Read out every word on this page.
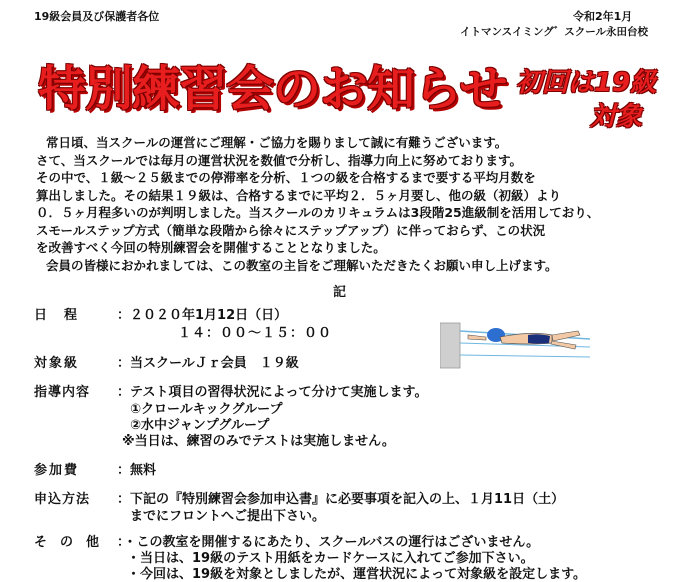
19級会員及び保護者各位	令和2年1月
イトマンスイミング゛スクール永田台校
特別練習会のお知らせ 初回は19級
対象
常日頃、当スクールの運営にご理解・ご協力を賜りまして誠に有難うございます。
さて、当スクールでは毎月の運営状況を数値で分析し、指導力向上に努めております。
その中で、１級～２５級までの停滞率を分析、１つの級を合格するまで要する平均月数を
算出しました。その結果１９級は、合格するまでに平均２．５ヶ月要し、他の級（初級）より
０．５ヶ月程多いのが判明しました。当スクールのカリキュラムは3段階25進級制を活用しており、
スモールステップ方式（簡単な段階から徐々にステップアップ）に伴っておらず、この状況
を改善すべく今回の特別練習会を開催することとなりました。
会員の皆様におかれましては、この教室の主旨をご理解いただきたくお願い申し上げます。
記
日　程	：２０２０年1月12日（日）
１４：００～１５：００
対象級	：当スクールＪｒ会員　１９級
指導内容 ：テスト項目の習得状況によって分けて実施します。
①クロールキックグループ
②水中ジャンプグループ
※当日は、練習のみでテストは実施しません。
参加費	：無料
申込方法 ：下記の『特別練習会参加申込書』に必要事項を記入の上、１月11日（土）
までにフロントへご提出下さい。
そ　の　他 ：・この教室を開催するにあたり、スクールバスの運行はございません。
・当日は、19級のテスト用紙をカードケースに入れてご参加下さい。
・今回は、19級を対象としましたが、運営状況によって対象級を設定します。
